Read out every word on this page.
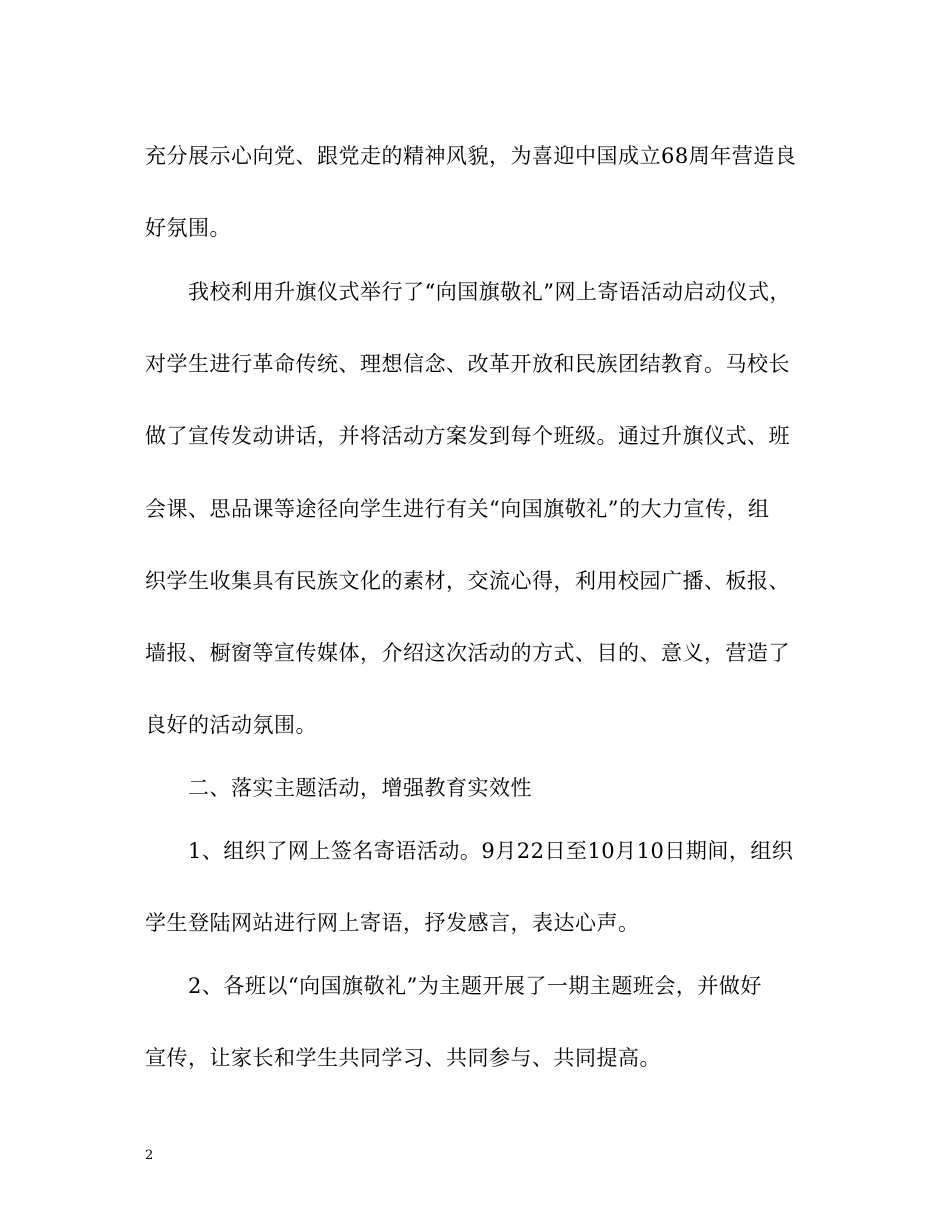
充分展示心向党、跟党走的精神风貌，为喜迎中国成立68周年营造良
好氛围。
我校利用升旗仪式举行了“向国旗敬礼”网上寄语活动启动仪式，
对学生进行革命传统、理想信念、改革开放和民族团结教育。马校长
做了宣传发动讲话，并将活动方案发到每个班级。通过升旗仪式、班
会课、思品课等途径向学生进行有关“向国旗敬礼”的大力宣传，组
织学生收集具有民族文化的素材，交流心得，利用校园广播、板报、
墙报、橱窗等宣传媒体，介绍这次活动的方式、目的、意义，营造了
良好的活动氛围。
二、落实主题活动，增强教育实效性
1、组织了网上签名寄语活动。9月22日至10月10日期间，组织
学生登陆网站进行网上寄语，抒发感言，表达心声。
2、各班以“向国旗敬礼”为主题开展了一期主题班会，并做好
宣传，让家长和学生共同学习、共同参与、共同提高。
2
